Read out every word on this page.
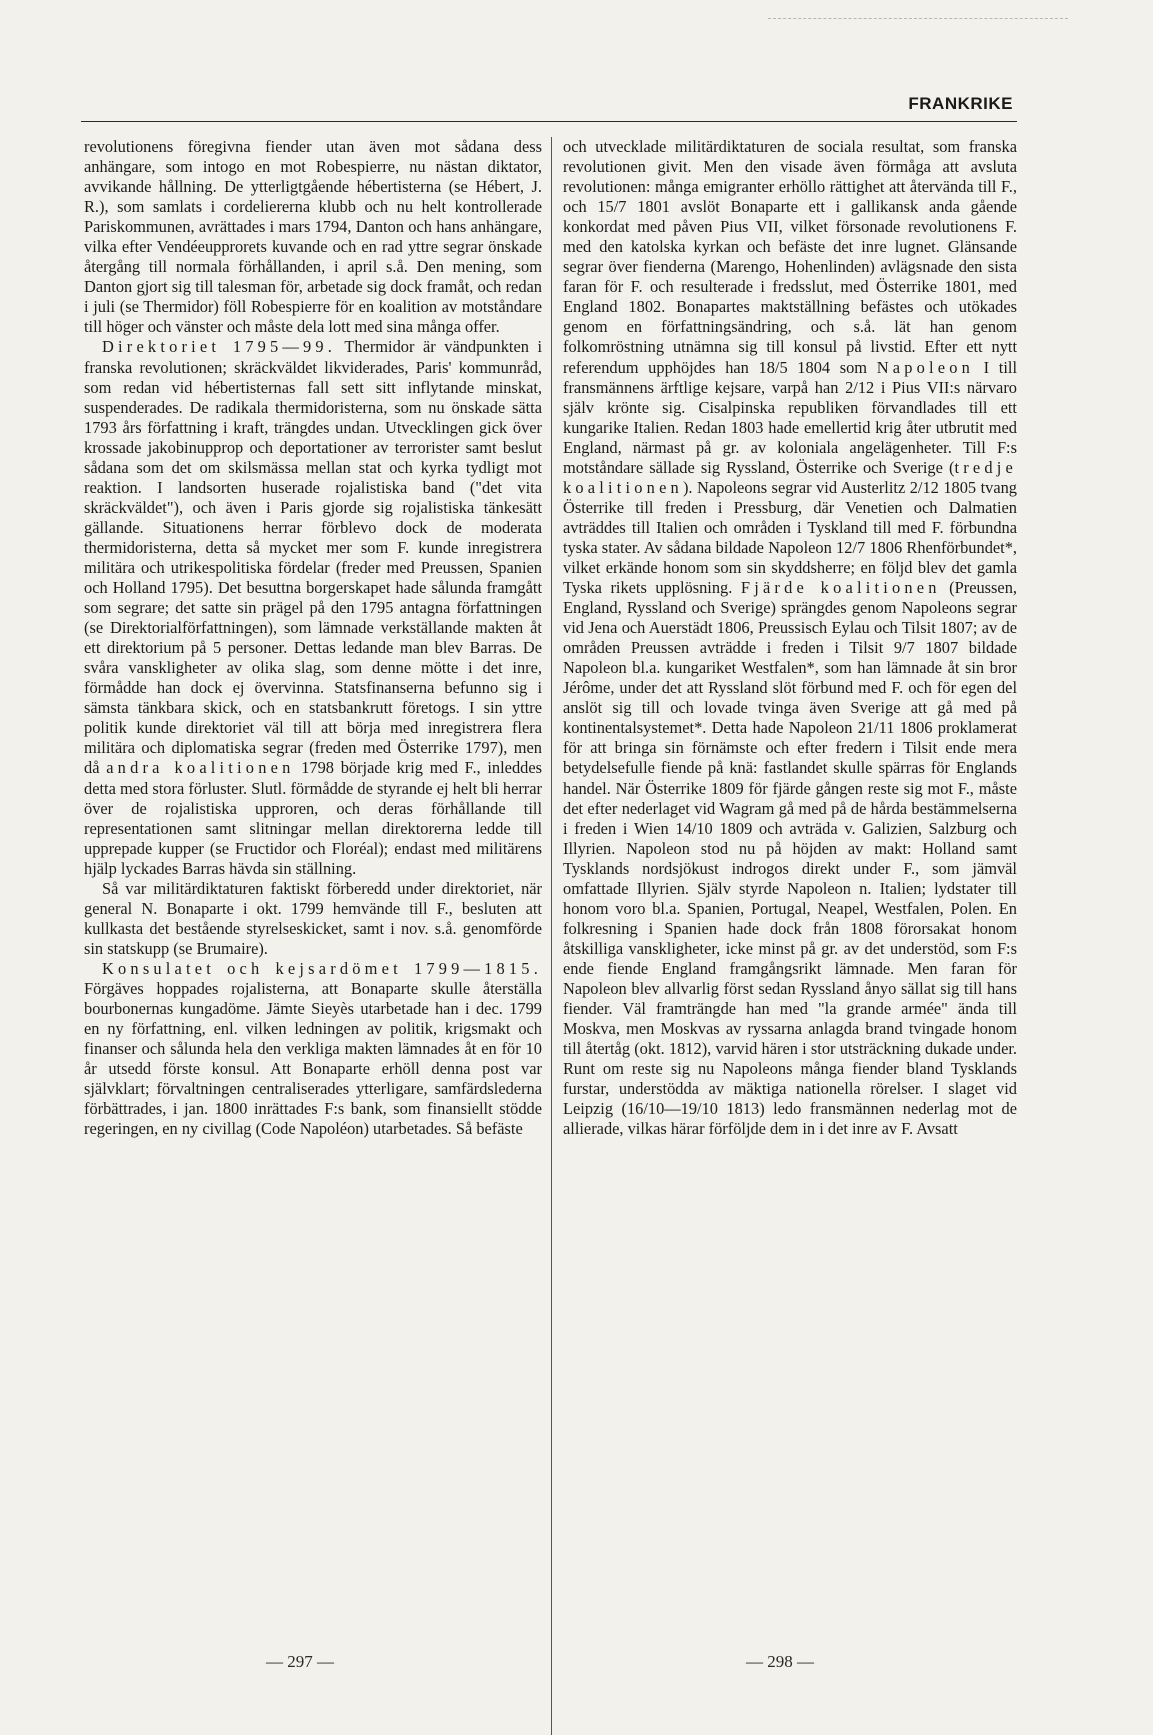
FRANKRIKE

revolutionens föregivna fiender utan även mot sådana dess anhängare, som intogo en mot Robespierre, nu nästan diktator, avvikande hållning. De ytterligtgående hébertisterna (se Hébert, J. R.), som samlats i cordeliererna klubb och nu helt kontrollerade Pariskommunen, avrättades i mars 1794, Danton och hans anhängare, vilka efter Vendéeupprorets kuvande och en rad yttre segrar önskade återgång till normala förhållanden, i april s.å. Den mening, som Danton gjort sig till talesman för, arbetade sig dock framåt, och redan i juli (se Thermidor) föll Robespierre för en koalition av motståndare till höger och vänster och måste dela lott med sina många offer.

Direktoriet 1795—99. Thermidor är vändpunkten i franska revolutionen; skräckväldet likviderades, Paris' kommunråd, som redan vid hébertisternas fall sett sitt inflytande minskat, suspenderades. De radikala thermidoristerna, som nu önskade sätta 1793 års författning i kraft, trängdes undan. Utvecklingen gick över krossade jakobinupprор och deportationer av terrorister samt beslut sådana som det om skilsmässa mellan stat och kyrka tydligt mot reaktion. I landsorten huserade rojalistiska band ("det vita skräckväldet"), och även i Paris gjorde sig rojalistiska tänkesätt gällande. Situationens herrar förblevo dock de moderata thermidoristerna, detta så mycket mer som F. kunde inregistrera militära och utrikespolitiska fördelar (freder med Preussen, Spanien och Holland 1795). Det besuttna borgerskapet hade sålunda framgått som segrare; det satte sin prägel på den 1795 antagna författningen (se Direktorialförfattningen), som lämnade verkställande makten åt ett direktorium på 5 personer. Dettas ledande man blev Barras. De svåra vanskligheter av olika slag, som denne mötte i det inre, förmådde han dock ej övervinna. Statsfinanserna befunno sig i sämsta tänkbara skick, och en statsbankrutt företogs. I sin yttre politik kunde direktoriet väl till att börja med inregistrera flera militära och diplomatiska segrar (freden med Österrike 1797), men då andra koalitionen 1798 började krig med F., inleddes detta med stora förluster. Slutl. förmådde de styrande ej helt bli herrar över de rojalistiska upproren, och deras förhållande till representationen samt slitningar mellan direktorerna ledde till upprepade kupper (se Fructidor och Floréal); endast med militärens hjälp lyckades Barras hävda sin ställning.

Så var militärdiktaturen faktiskt förberedd under direktoriet, när general N. Bonaparte i okt. 1799 hemvände till F., besluten att kullkasta det bestående styrelseskicket, samt i nov. s.å. genomförde sin statskupp (se Brumaire).

Konsulatet och kejsardömet 1799—1815. Förgäves hoppades rojalisterna, att Bonaparte skulle återställa bourbonernas kungadöme. Jämte Sieyès utarbetade han i dec. 1799 en ny författning, enl. vilken ledningen av politik, krigsmakt och finanser och sålunda hela den verkliga makten lämnades åt en för 10 år utsedd förste konsul. Att Bonaparte erhöll denna post var självklart; förvaltningen centraliserades ytterligare, samfärdslederna förbättrades, i jan. 1800 inrättades F:s bank, som finansiellt stödde regeringen, en ny civillag (Code Napoléon) utarbetades. Så befäste

och utvecklade militärdiktaturen de sociala resultat, som franska revolutionen givit. Men den visade även förmåga att avsluta revolutionen: många emigranter erhöllo rättighet att återvända till F., och 15/7 1801 avslöt Bonaparte ett i gallikansk anda gående konkordat med påven Pius VII, vilket försonade revolutionens F. med den katolska kyrkan och befäste det inre lugnet. Glänsande segrar över fienderna (Marengo, Hohenlinden) avlägsnade den sista faran för F. och resulterade i fredsslut, med Österrike 1801, med England 1802. Bonapartes maktställning befästes och utökades genom en författningsändring, och s.å. lät han genom folkomröstning utnämna sig till konsul på livstid. Efter ett nytt referendum upphöjdes han 18/5 1804 som Napoleon I till fransmännens ärftlige kejsare, varpå han 2/12 i Pius VII:s närvaro själv krönte sig. Cisalpinska republiken förvandlades till ett kungarike Italien. Redan 1803 hade emellertid krig åter utbrutit med England, närmast på gr. av koloniala angelägenheter. Till F:s motståndare sällade sig Ryssland, Österrike och Sverige (tredje koalitionen). Napoleons segrar vid Austerlitz 2/12 1805 tvang Österrike till freden i Pressburg, där Venetien och Dalmatien avträddes till Italien och områden i Tyskland till med F. förbundna tyska stater. Av sådana bildade Napoleon 12/7 1806 Rhenförbundet*, vilket erkände honom som sin skyddsherre; en följd blev det gamla Tyska rikets upplösning. Fjärde koalitionen (Preussen, England, Ryssland och Sverige) sprängdes genom Napoleons segrar vid Jena och Auerstädt 1806, Preussisch Eylau och Tilsit 1807; av de områden Preussen avträdde i freden i Tilsit 9/7 1807 bildade Napoleon bl.a. kungariket Westfalen*, som han lämnade åt sin bror Jérôme, under det att Ryssland slöt förbund med F. och för egen del anslöt sig till och lovade tvinga även Sverige att gå med på kontinentalsystemet*. Detta hade Napoleon 21/11 1806 proklamerat för att bringa sin förnämste och efter fredern i Tilsit ende mera betydelsefulle fiende på knä: fastlandet skulle spärras för Englands handel. När Österrike 1809 för fjärde gången reste sig mot F., måste det efter nederlaget vid Wagram gå med på de hårda bestämmelserna i freden i Wien 14/10 1809 och avträda v. Galizien, Salzburg och Illyrien. Napoleon stod nu på höjden av makt: Holland samt Tysklands nordsjökust indrogos direkt under F., som jämväl omfattade Illyrien. Själv styrde Napoleon n. Italien; lydstater till honom voro bl.a. Spanien, Portugal, Neapel, Westfalen, Polen. En folkresning i Spanien hade dock från 1808 förorsakat honom åtskilliga vanskligheter, icke minst på gr. av det understöd, som F:s ende fiende England framgångsrikt lämnade. Men faran för Napoleon blev allvarlig först sedan Ryssland ånyo sällat sig till hans fiender. Väl framträngde han med "la grande armée" ända till Moskva, men Moskvas av ryssarna anlagda brand tvingade honom till återtåg (okt. 1812), varvid hären i stor utsträckning dukade under. Runt om reste sig nu Napoleons många fiender bland Tysklands furstar, understödda av mäktiga nationella rörelser. I slaget vid Leipzig (16/10—19/10 1813) ledo fransmännen nederlag mot de allierade, vilkas härar förföljde dem in i det inre av F. Avsatt

— 297 —	— 298 —
